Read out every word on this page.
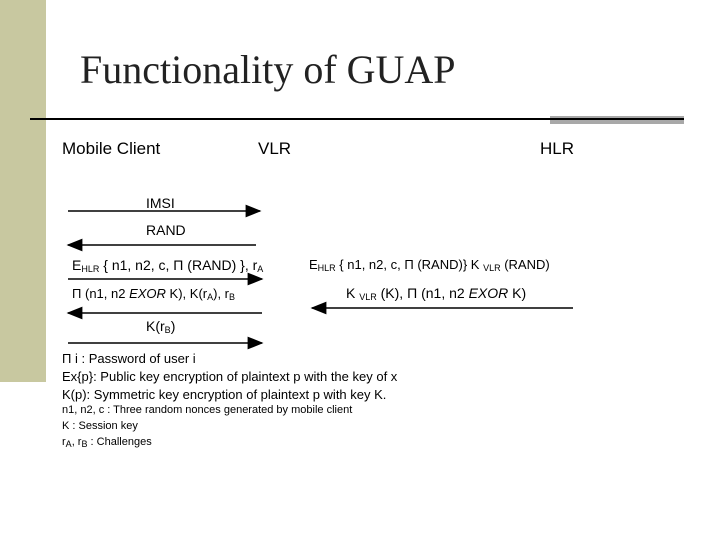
Functionality of GUAP
Mobile Client	VLR	HLR
IMSI
RAND
$E_{HLR}$ { n1, n2, c, Π (RAND) }, $r_A$
Π (n1, n2 EXOR K), $K(r_A)$, $r_B$
$K(r_B)$
$E_{HLR}$ { n1, n2, c, Π (RAND)} K $_{VLR}$ (RAND)
K $_{VLR}$ (K), Π (n1, n2 EXOR K)
Π i : Password of user i
Ex{p}: Public key encryption of plaintext p with the key of x
K(p): Symmetric key encryption of plaintext p with key K.
n1, n2, c : Three random nonces generated by mobile client
K : Session key
$r_A$, $r_B$ : Challenges
